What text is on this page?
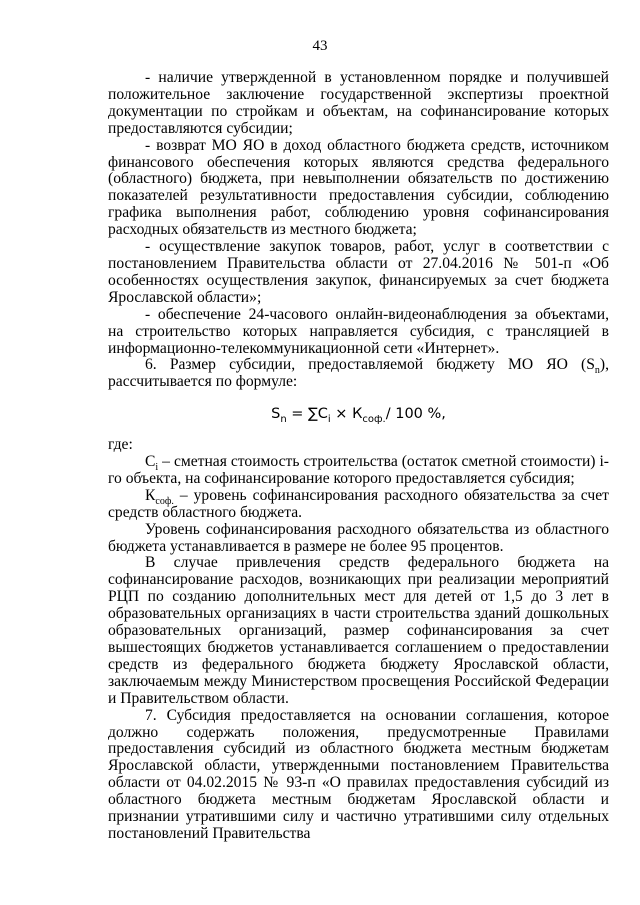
43

- наличие утвержденной в установленном порядке и получившей положительное заключение государственной экспертизы проектной документации по стройкам и объектам, на софинансирование которых предоставляются субсидии;

- возврат МО ЯО в доход областного бюджета средств, источником финансового обеспечения которых являются средства федерального (областного) бюджета, при невыполнении обязательств по достижению показателей результативности предоставления субсидии, соблюдению графика выполнения работ, соблюдению уровня софинансирования расходных обязательств из местного бюджета;

- осуществление закупок товаров, работ, услуг в соответствии с постановлением Правительства области от 27.04.2016 № 501-п «Об особенностях осуществления закупок, финансируемых за счет бюджета Ярославской области»;

- обеспечение 24-часового онлайн-видеонаблюдения за объектами, на строительство которых направляется субсидия, с трансляцией в информационно-телекоммуникационной сети «Интернет».

6. Размер субсидии, предоставляемой бюджету МО ЯО $(S_n)$, рассчитывается по формуле:

$S_n = \sum C_i \times К_{соф.}/$ 100 %,

где:

$C_i$ – сметная стоимость строительства (остаток сметной стоимости) i-го объекта, на софинансирование которого предоставляется субсидия;

$К_{соф.}$ – уровень софинансирования расходного обязательства за счет средств областного бюджета.

Уровень софинансирования расходного обязательства из областного бюджета устанавливается в размере не более 95 процентов.

В случае привлечения средств федерального бюджета на софинансирование расходов, возникающих при реализации мероприятий РЦП по созданию дополнительных мест для детей от 1,5 до 3 лет в образовательных организациях в части строительства зданий дошкольных образовательных организаций, размер софинансирования за счет вышестоящих бюджетов устанавливается соглашением о предоставлении средств из федерального бюджета бюджету Ярославской области, заключаемым между Министерством просвещения Российской Федерации и Правительством области.

7. Субсидия предоставляется на основании соглашения, которое должно содержать положения, предусмотренные Правилами предоставления субсидий из областного бюджета местным бюджетам Ярославской области, утвержденными постановлением Правительства области от 04.02.2015 № 93-п «О правилах предоставления субсидий из областного бюджета местным бюджетам Ярославской области и признании утратившими силу и частично утратившими силу отдельных постановлений Правительства
